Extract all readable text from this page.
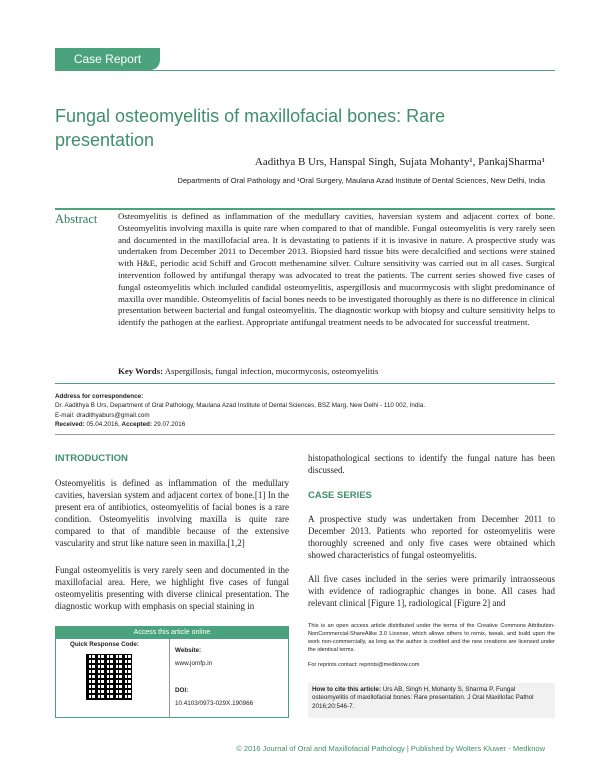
Case Report
Fungal osteomyelitis of maxillofacial bones: Rare presentation
Aadithya B Urs, Hanspal Singh, Sujata Mohanty¹, PankajSharma¹
Departments of Oral Pathology and ¹Oral Surgery, Maulana Azad Institute of Dental Sciences, New Delhi, India
Abstract	Osteomyelitis is defined as inflammation of the medullary cavities, haversian system and adjacent cortex of bone. Osteomyelitis involving maxilla is quite rare when compared to that of mandible. Fungal osteomyelitis is very rarely seen and documented in the maxillofacial area. It is devastating to patients if it is invasive in nature. A prospective study was undertaken from December 2011 to December 2013. Biopsied hard tissue bits were decalcified and sections were stained with H&E, periodic acid Schiff and Grocott methenamine silver. Culture sensitivity was carried out in all cases. Surgical intervention followed by antifungal therapy was advocated to treat the patients. The current series showed five cases of fungal osteomyelitis which included candidal osteomyelitis, aspergillosis and mucormycosis with slight predominance of maxilla over mandible. Osteomyelitis of facial bones needs to be investigated thoroughly as there is no difference in clinical presentation between bacterial and fungal osteomyelitis. The diagnostic workup with biopsy and culture sensitivity helps to identify the pathogen at the earliest. Appropriate antifungal treatment needs to be advocated for successful treatment.
Key Words: Aspergillosis, fungal infection, mucormycosis, osteomyelitis
Address for correspondence:
Dr. Aadithya B Urs, Department of Oral Pathology, Maulana Azad Institute of Dental Sciences, BSZ Marg, New Delhi - 110 002, India.
E-mail: dradithyaburs@gmail.com
Received: 05.04.2016, Accepted: 29.07.2016
INTRODUCTION
Osteomyelitis is defined as inflammation of the medullary cavities, haversian system and adjacent cortex of bone.[1] In the present era of antibiotics, osteomyelitis of facial bones is a rare condition. Osteomyelitis involving maxilla is quite rare compared to that of mandible because of the extensive vascularity and strut like nature seen in maxilla.[1,2]
Fungal osteomyelitis is very rarely seen and documented in the maxillofacial area. Here, we highlight five cases of fungal osteomyelitis presenting with diverse clinical presentation. The diagnostic workup with emphasis on special staining in
histopathological sections to identify the fungal nature has been discussed.
CASE SERIES
A prospective study was undertaken from December 2011 to December 2013. Patients who reported for osteomyelitis were thoroughly screened and only five cases were obtained which showed characteristics of fungal osteomyelitis.
All five cases included in the series were primarily intraosseous with evidence of radiographic changes in bone. All cases had relevant clinical [Figure 1], radiological [Figure 2] and
Access this article online
Quick Response Code:
Website:
www.jomfp.in
DOI:
10.4103/0973-029X.190966
This is an open access article distributed under the terms of the Creative Commons Attribution-NonCommercial-ShareAlike 3.0 License, which allows others to remix, tweak, and build upon the work non-commercially, as long as the author is credited and the new creations are licensed under the identical terms.
For reprints contact: reprints@medknow.com
How to cite this article: Urs AB, Singh H, Mohanty S, Sharma P. Fungal osteomyelitis of maxillofacial bones: Rare presentation. J Oral Maxillofac Pathol 2016;20:546-7.
© 2016 Journal of Oral and Maxillofacial Pathology | Published by Wolters Kluwer - Medknow
